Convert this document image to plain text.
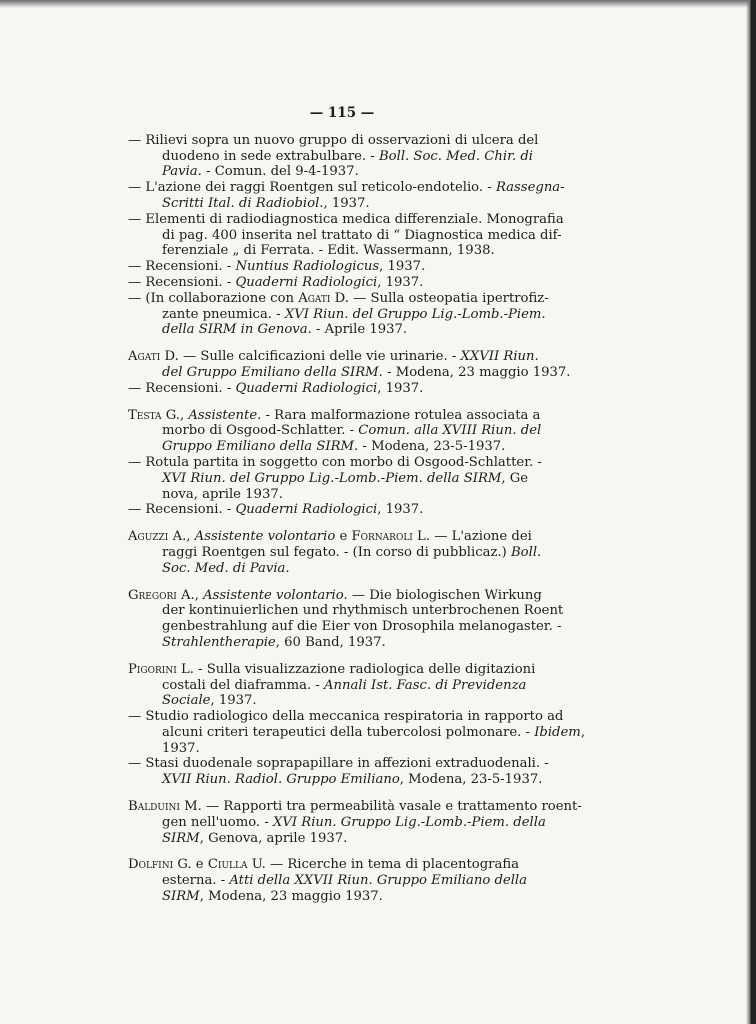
— 115 —
— Rilievi sopra un nuovo gruppo di osservazioni di ulcera del
duodeno in sede extrabulbare. - Boll. Soc. Med. Chir. di
Pavia. - Comun. del 9-4-1937.
— L'azione dei raggi Roentgen sul reticolo-endotelio. - Rassegna-
Scritti Ital. di Radiobiol., 1937.
— Elementi di radiodiagnostica medica differenziale. Monografia
di pag. 400 inserita nel trattato di “ Diagnostica medica dif-
ferenziale „ di Ferrata. - Edit. Wassermann, 1938.
— Recensioni. - Nuntius Radiologicus, 1937.
— Recensioni. - Quaderni Radiologici, 1937.
— (In collaborazione con Agati D. — Sulla osteopatia ipertrofiz-
zante pneumica. - XVI Riun. del Gruppo Lig.-Lomb.-Piem.
della SIRM in Genova. - Aprile 1937.
Agati D. — Sulle calcificazioni delle vie urinarie. - XXVII Riun.
del Gruppo Emiliano della SIRM. - Modena, 23 maggio 1937.
— Recensioni. - Quaderni Radiologici, 1937.
Testa G., Assistente. - Rara malformazione rotulea associata a
morbo di Osgood-Schlatter. - Comun. alla XVIII Riun. del
Gruppo Emiliano della SIRM. - Modena, 23-5-1937.
— Rotula partita in soggetto con morbo di Osgood-Schlatter. -
XVI Riun. del Gruppo Lig.-Lomb.-Piem. della SIRM, Ge
nova, aprile 1937.
— Recensioni. - Quaderni Radiologici, 1937.
Aguzzi A., Assistente volontario e Fornaroli L. — L'azione dei
raggi Roentgen sul fegato. - (In corso di pubblicaz.) Boll.
Soc. Med. di Pavia.
Gregori A., Assistente volontario. — Die biologischen Wirkung
der kontinuierlichen und rhythmisch unterbrochenen Roent
genbestrahlung auf die Eier von Drosophila melanogaster. -
Strahlentherapie, 60 Band, 1937.
Pigorini L. - Sulla visualizzazione radiologica delle digitazioni
costali del diaframma. - Annali Ist. Fasc. di Previdenza
Sociale, 1937.
— Studio radiologico della meccanica respiratoria in rapporto ad
alcuni criteri terapeutici della tubercolosi polmonare. - Ibidem,
1937.
— Stasi duodenale soprapapillare in affezioni extraduodenali. -
XVII Riun. Radiol. Gruppo Emiliano, Modena, 23-5-1937.
Balduini M. — Rapporti tra permeabilità vasale e trattamento roent-
gen nell'uomo. - XVI Riun. Gruppo Lig.-Lomb.-Piem. della
SIRM, Genova, aprile 1937.
Dolfini G. e Ciulla U. — Ricerche in tema di placentografia
esterna. - Atti della XXVII Riun. Gruppo Emiliano della
SIRM, Modena, 23 maggio 1937.
